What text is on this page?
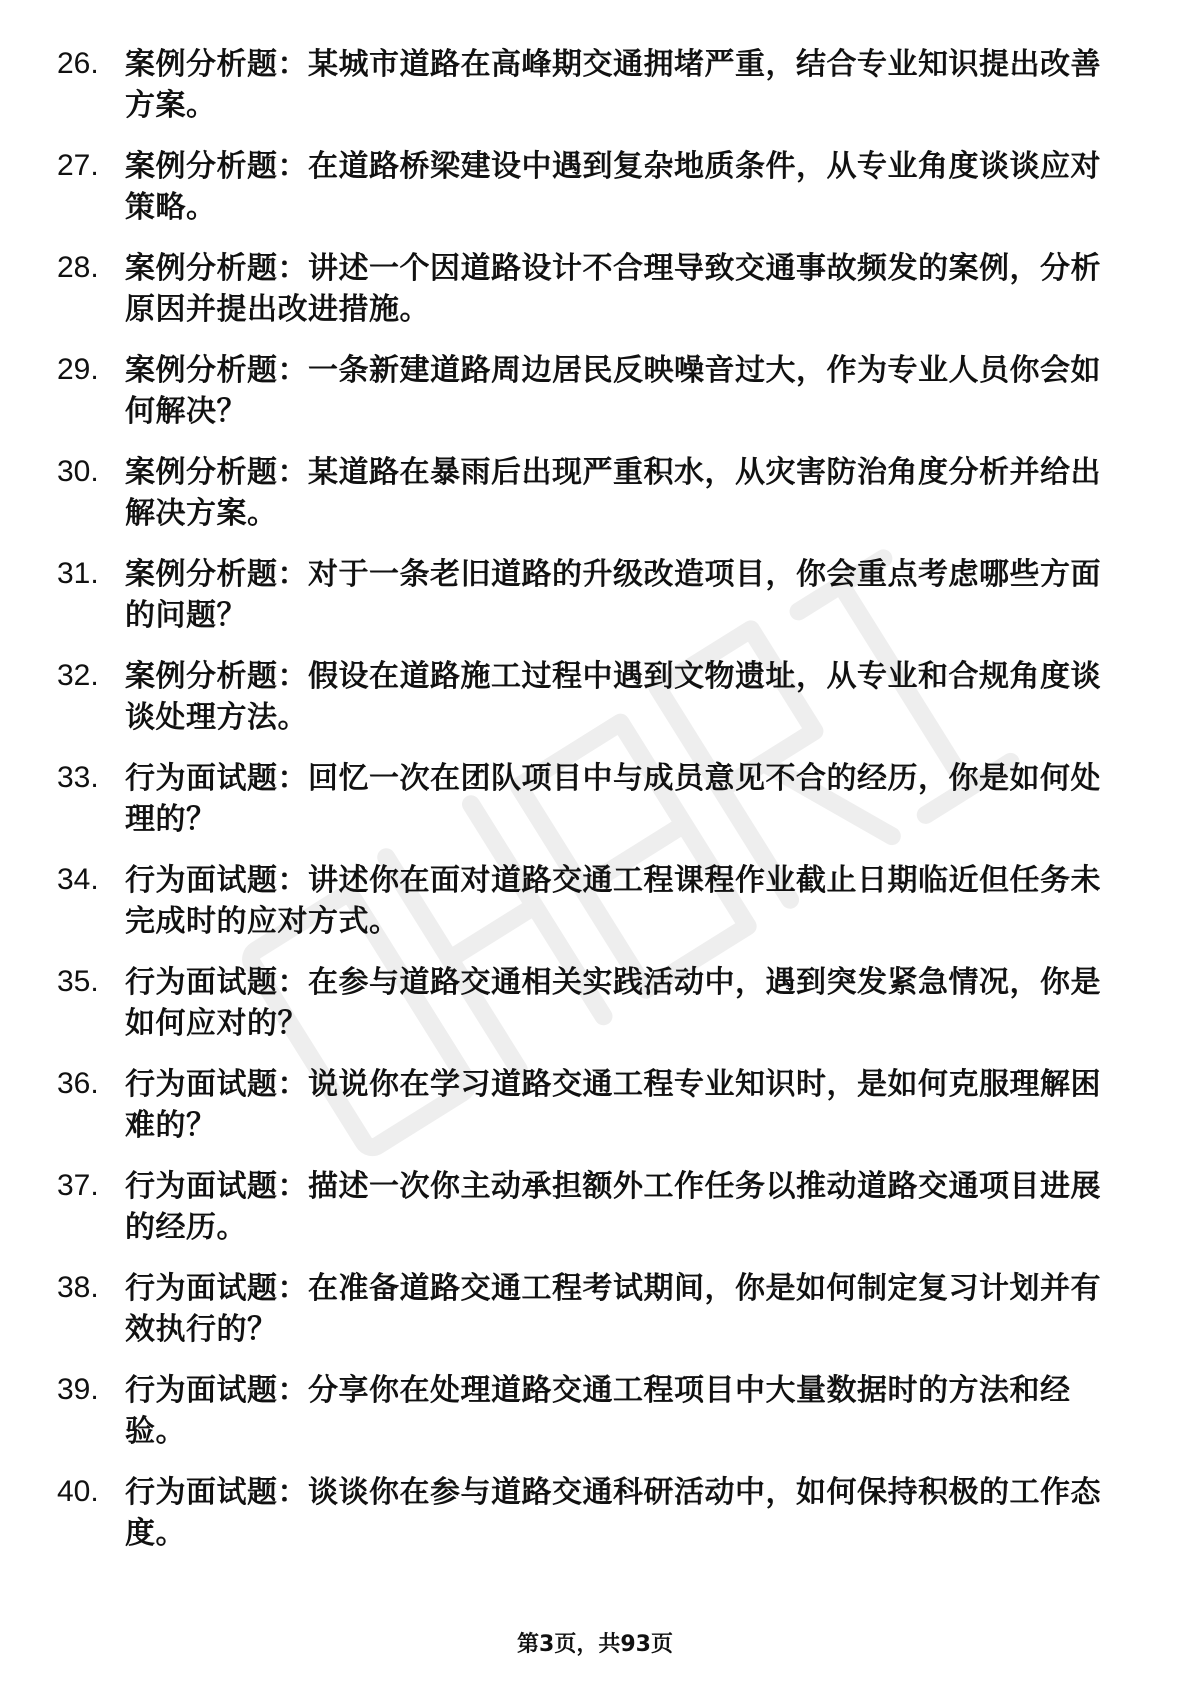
26. 案例分析题：某城市道路在高峰期交通拥堵严重，结合专业知识提出改善方案。

27. 案例分析题：在道路桥梁建设中遇到复杂地质条件，从专业角度谈谈应对策略。

28. 案例分析题：讲述一个因道路设计不合理导致交通事故频发的案例，分析原因并提出改进措施。

29. 案例分析题：一条新建道路周边居民反映噪音过大，作为专业人员你会如何解决？

30. 案例分析题：某道路在暴雨后出现严重积水，从灾害防治角度分析并给出解决方案。

31. 案例分析题：对于一条老旧道路的升级改造项目，你会重点考虑哪些方面的问题？

32. 案例分析题：假设在道路施工过程中遇到文物遗址，从专业和合规角度谈谈处理方法。

33. 行为面试题：回忆一次在团队项目中与成员意见不合的经历，你是如何处理的？

34. 行为面试题：讲述你在面对道路交通工程课程作业截止日期临近但任务未完成时的应对方式。

35. 行为面试题：在参与道路交通相关实践活动中，遇到突发紧急情况，你是如何应对的？

36. 行为面试题：说说你在学习道路交通工程专业知识时，是如何克服理解困难的？

37. 行为面试题：描述一次你主动承担额外工作任务以推动道路交通项目进展的经历。

38. 行为面试题：在准备道路交通工程考试期间，你是如何制定复习计划并有效执行的？

39. 行为面试题：分享你在处理道路交通工程项目中大量数据时的方法和经验。

40. 行为面试题：谈谈你在参与道路交通科研活动中，如何保持积极的工作态度。

第3页，共93页
